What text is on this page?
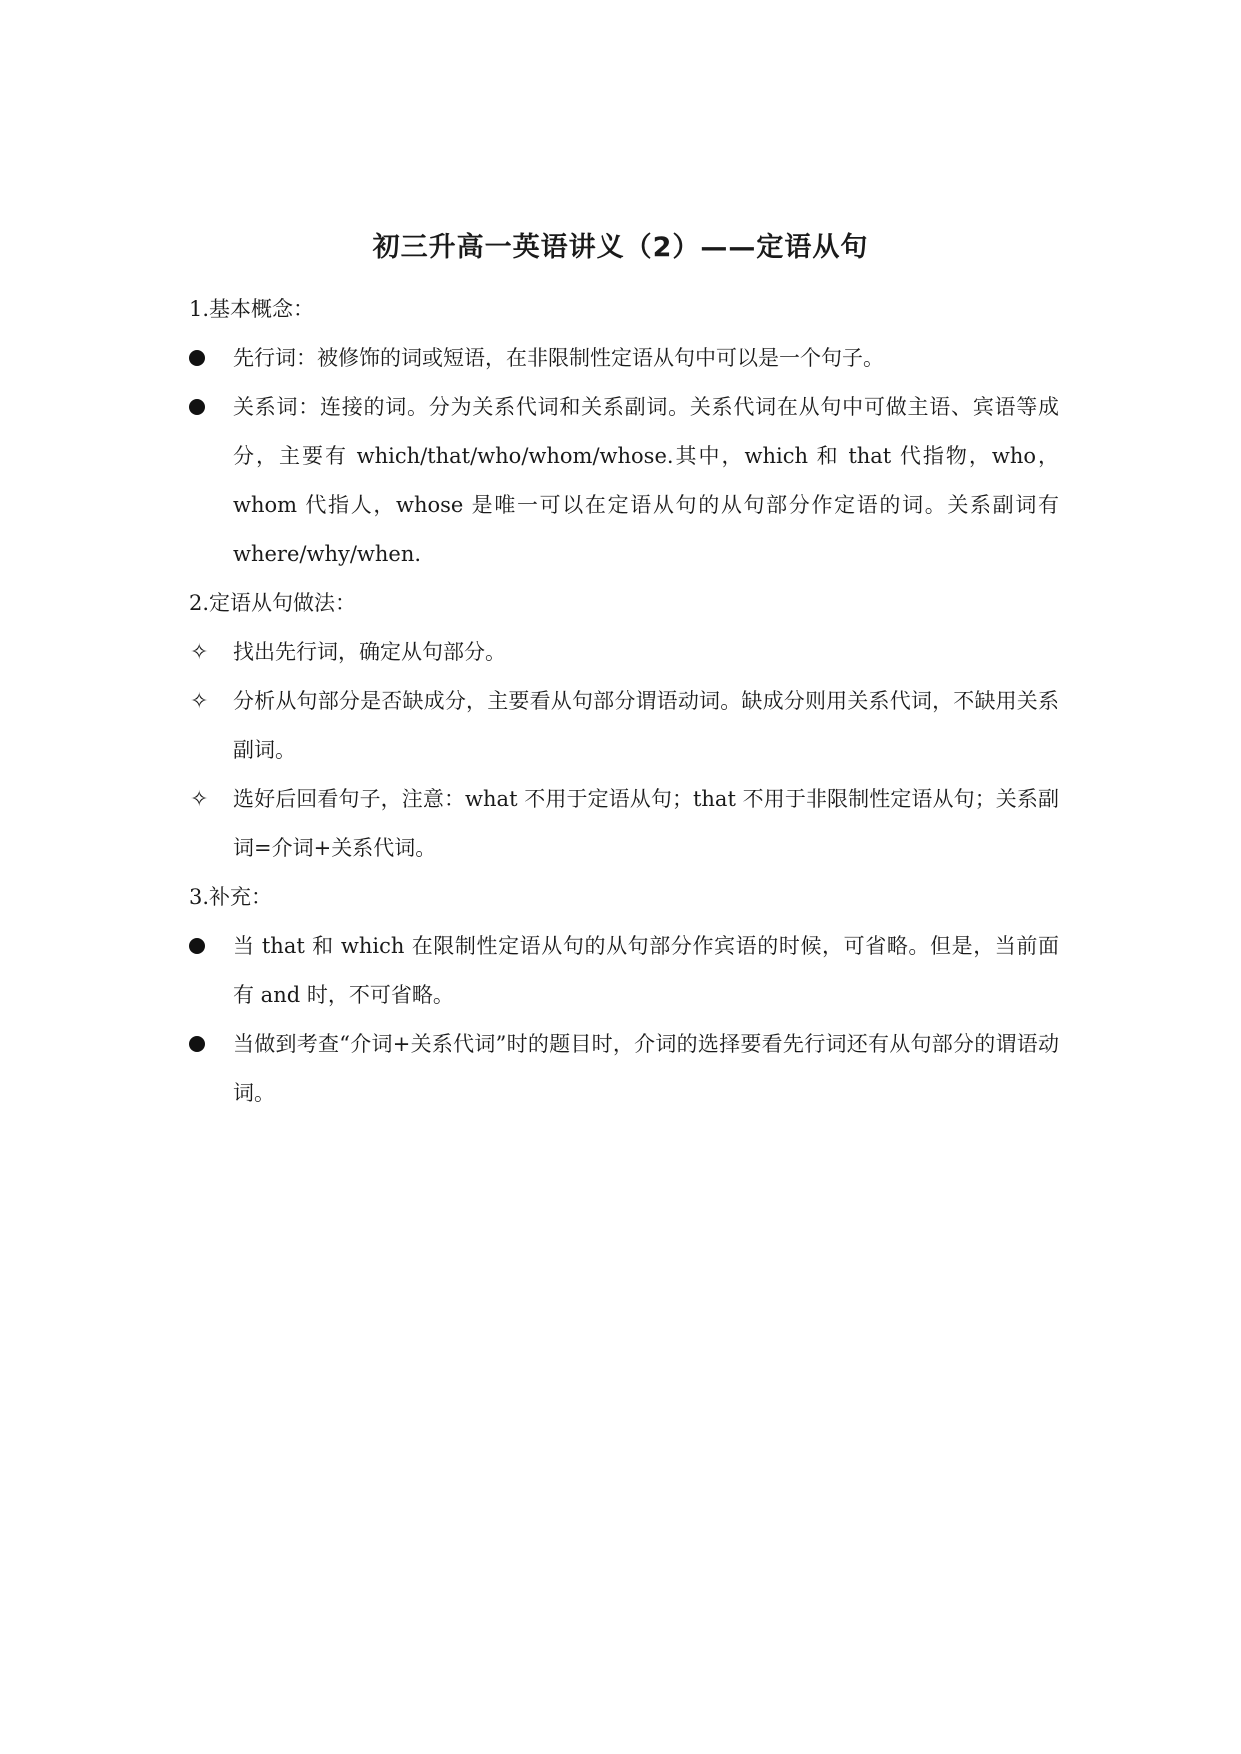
初三升高一英语讲义（2）——定语从句

1.基本概念：

先行词：被修饰的词或短语，在非限制性定语从句中可以是一个句子。
关系词：连接的词。分为关系代词和关系副词。关系代词在从句中可做主语、宾语等成分，主要有 which/that/who/whom/whose.其中，which 和 that 代指物，who，whom 代指人，whose 是唯一可以在定语从句的从句部分作定语的词。关系副词有 where/why/when.

2.定语从句做法：

✧	找出先行词，确定从句部分。
✧	分析从句部分是否缺成分，主要看从句部分谓语动词。缺成分则用关系代词，不缺用关系副词。
✧	选好后回看句子，注意：what 不用于定语从句；that 不用于非限制性定语从句；关系副词=介词+关系代词。

3.补充：

当 that 和 which 在限制性定语从句的从句部分作宾语的时候，可省略。但是，当前面有 and 时，不可省略。
当做到考查“介词+关系代词”时的题目时，介词的选择要看先行词还有从句部分的谓语动词。
